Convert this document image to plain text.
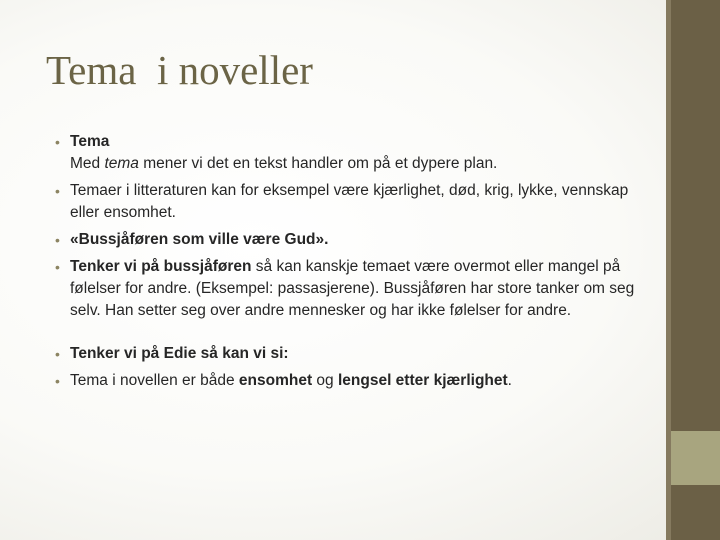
Tema  i noveller
• Tema
Med tema mener vi det en tekst handler om på et dypere plan.
• Temaer i litteraturen kan for eksempel være kjærlighet, død, krig, lykke, vennskap eller ensomhet.
• «Bussjåføren som ville være Gud».
• Tenker vi på bussjåføren så kan kanskje temaet være overmot eller mangel på følelser for andre. (Eksempel: passasjerene). Bussjåføren har store tanker om seg selv. Han setter seg over andre mennesker og har ikke følelser for andre.
• Tenker vi på Edie så kan vi si:
• Tema i novellen er både ensomhet og lengsel etter kjærlighet.
